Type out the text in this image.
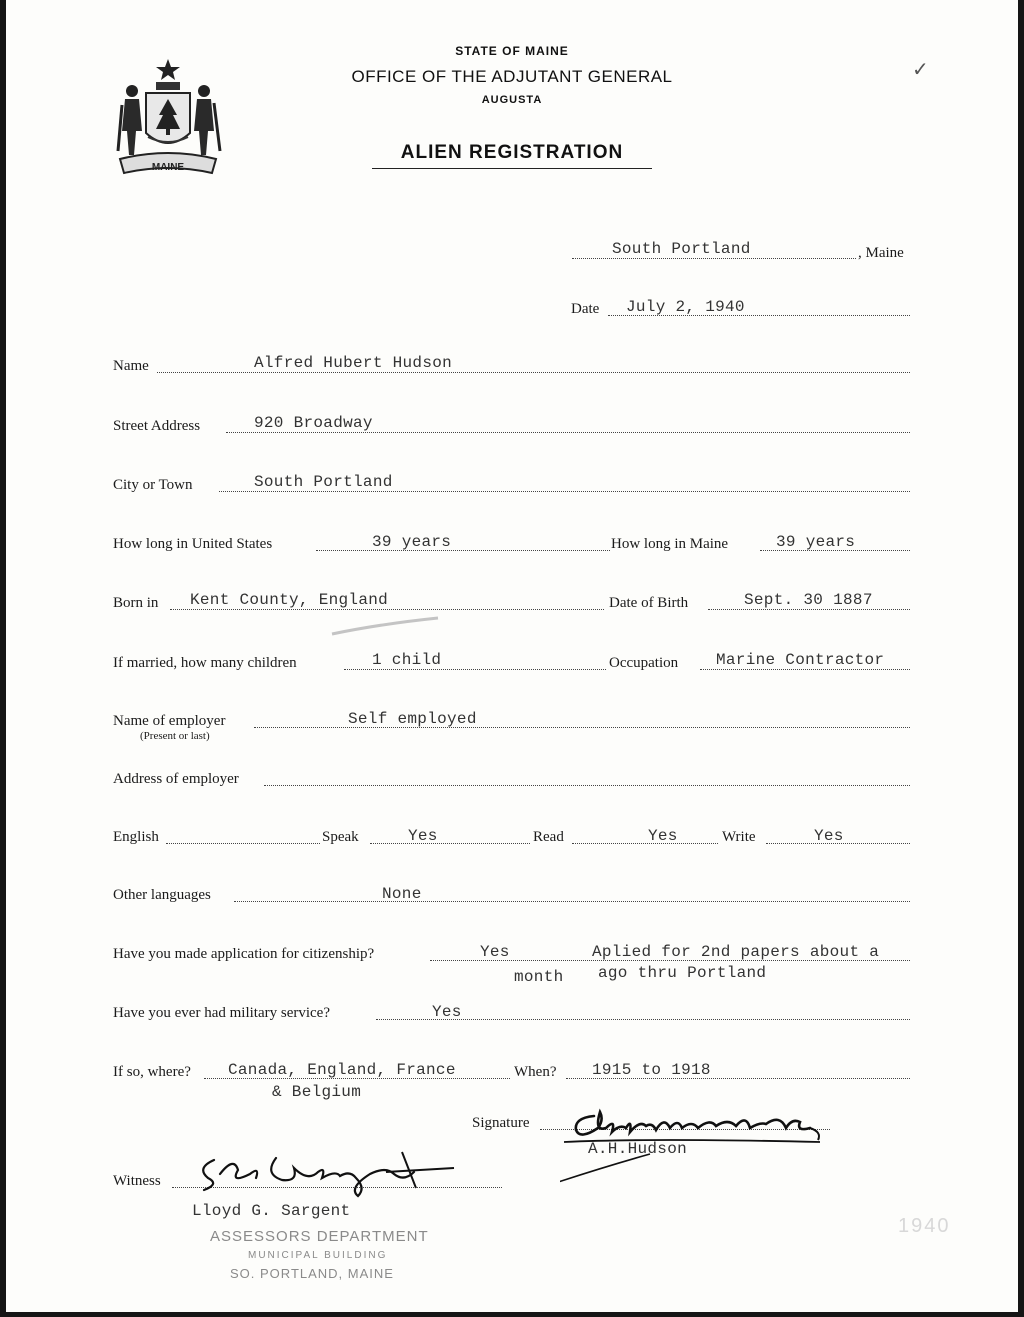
MAINE
STATE OF MAINE
OFFICE OF THE ADJUTANT GENERAL
AUGUSTA
ALIEN REGISTRATION
✓
South Portland	, Maine
Date July 2, 1940
Name	Alfred Hubert Hudson
Street Address	920 Broadway
City or Town	South Portland
How long in United States	39 years	How long in Maine	39 years
Born in Kent County, England	Date of Birth	Sept. 30 1887
If married, how many children	1 child	Occupation Marine Contractor
Name of employer
(Present or last)
Self employed
Address of employer
English	Speak	Yes	Read	Yes	Write	Yes
Other languages	None
Have you made application for citizenship?	Yes	Aplied for 2nd papers about a
month ago thru Portland
Have you ever had military service?	Yes
If so, where? Canada, England, France
& Belgium
When? 1915 to 1918
Signature
A.H.Hudson
Witness
Lloyd G. Sargent
ASSESSORS DEPARTMENT
MUNICIPAL BUILDING
SO. PORTLAND, MAINE
1940
